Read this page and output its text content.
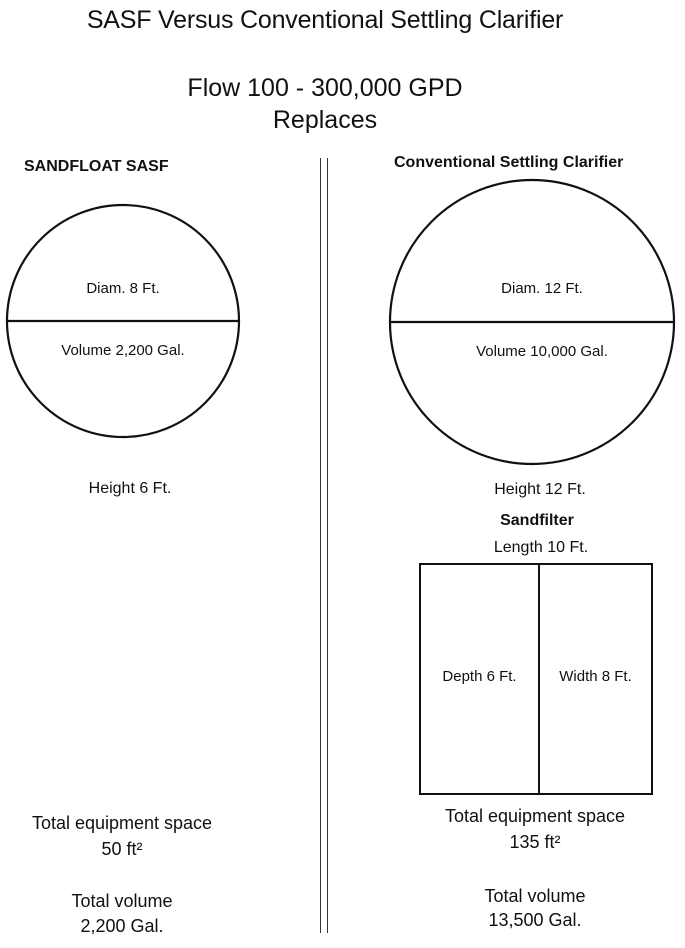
SASF Versus Conventional Settling Clarifier
Flow 100 - 300,000 GPD
Replaces
SANDFLOAT SASF	Conventional Settling Clarifier
Diam. 8 Ft.
Volume 2,200 Gal.
Height 6 Ft.
Total equipment space
50 ft²
Total volume
2,200 Gal.
Diam. 12 Ft.
Volume 10,000 Gal.
Height 12 Ft.
Sandfilter
Length 10 Ft.
Depth 6 Ft.	Width 8 Ft.
Total equipment space
135 ft²
Total volume
13,500 Gal.
